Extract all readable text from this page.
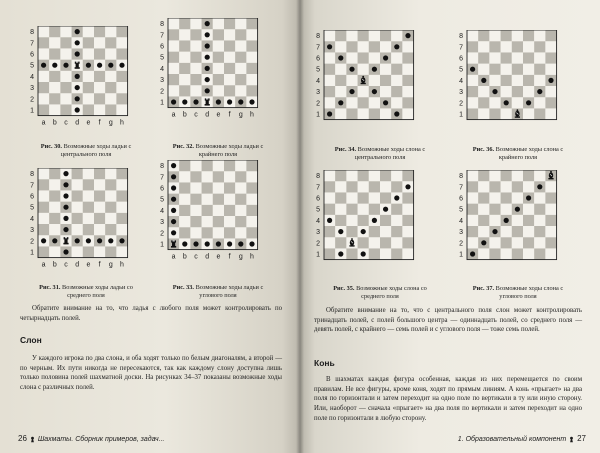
1
2
3
4
5
6
7
8
a b c d e f g h
Рис. 30. Возможные ходы ладьи с центрального поля
1
2
3
4
5
6
7
8
a b c d e f g h
Рис. 32. Возможные ходы ладьи с крайнего поля
1
2
3
4
5
6
7
8
a b c d e f g h
Рис. 31. Возможные ходы ладьи со среднего поля
1
2
3
4
5
6
7
8
a b c d e f g h
Рис. 33. Возможные ходы ладьи с углового поля

Обратите внимание на то, что ладья с любого поля может контролировать по четырнадцать полей.

Слон

У каждого игрока по два слона, и оба ходят только по белым диагоналям, а второй — по черным. Их пути никогда не пересекаются, так как каждому слону доступна лишь только половина полей шахматной доски. На рисунках 34–37 показаны возможные ходы слона с различных полей.

26 Шахматы. Сборник примеров, задач...
1
2
3
4
5
6
7
8
Рис. 34. Возможные ходы слона с центрального поля
1
2
3
4
5
6
7
8
Рис. 36. Возможные ходы слона с крайнего поля
1
2
3
4
5
6
7
8
Рис. 35. Возможные ходы слона со среднего поля
1
2
3
4
5
6
7
8
Рис. 37. Возможные ходы слона с углового поля

Обратите внимание на то, что с центрального поля слон может контролировать тринадцать полей, с полей большого центра — одиннадцать полей, со среднего поля — девять полей, с крайнего — семь полей и с углового поля — тоже семь полей.

Конь

В шахматах каждая фигура особенная, каждая из них перемещается по своим правилам. Не все фигуры, кроме коня, ходят по прямым линиям. А конь «прыгает» на два поля по горизонтали и затем переходит на одно поле по вертикали в ту или иную сторону. Или, наоборот — сначала «прыгает» на два поля по вертикали и затем переходит на одно поле по горизонтали в любую сторону.

1. Образовательный компонент 27
